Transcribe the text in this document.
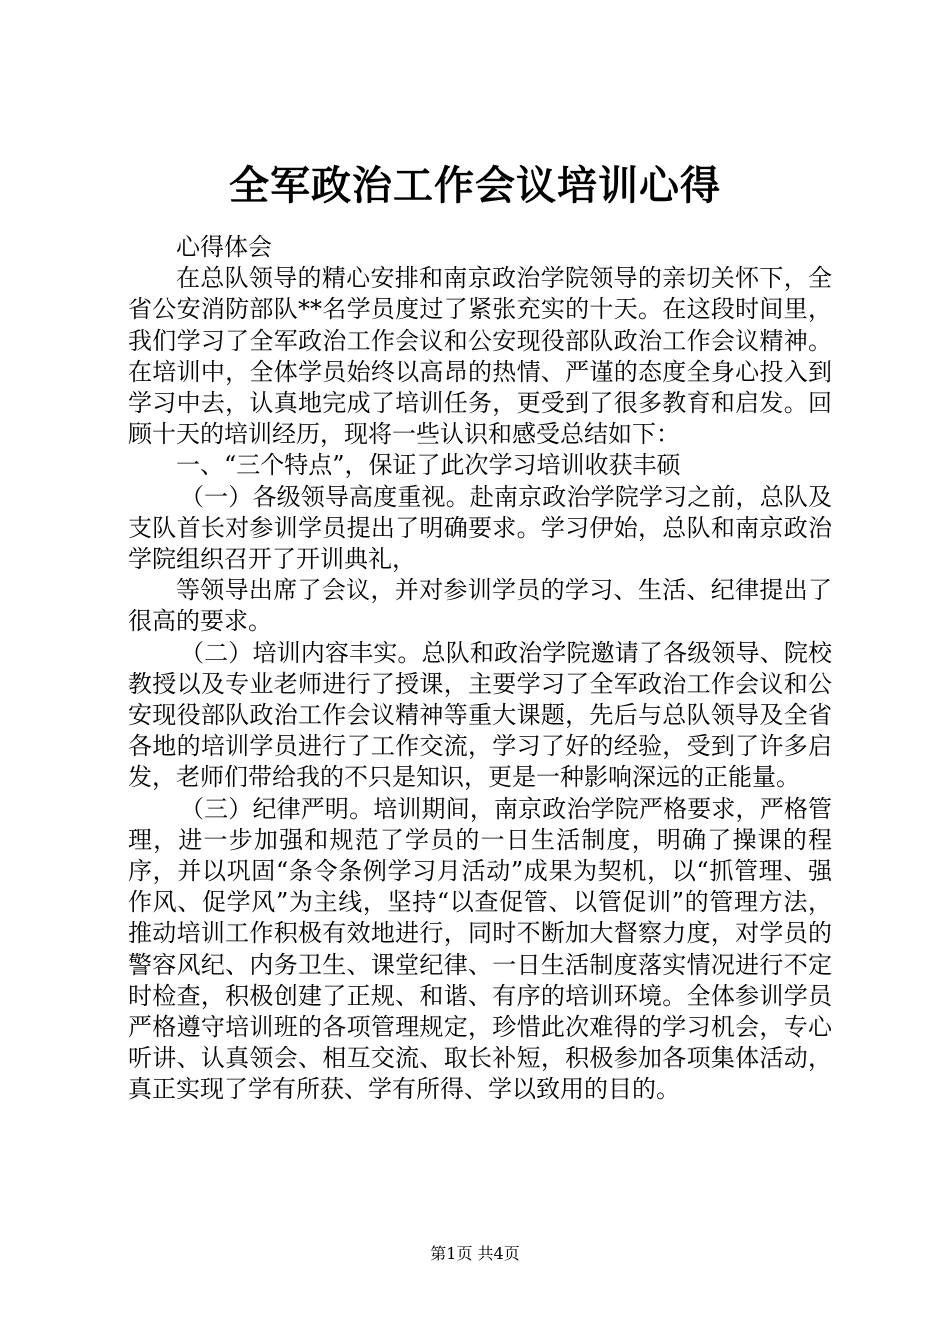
全军政治工作会议培训心得

心得体会

在总队领导的精心安排和南京政治学院领导的亲切关怀下，全省公安消防部队**名学员度过了紧张充实的十天。在这段时间里，我们学习了全军政治工作会议和公安现役部队政治工作会议精神。在培训中，全体学员始终以高昂的热情、严谨的态度全身心投入到学习中去，认真地完成了培训任务，更受到了很多教育和启发。回顾十天的培训经历，现将一些认识和感受总结如下：

一、“三个特点”，保证了此次学习培训收获丰硕

（一）各级领导高度重视。赴南京政治学院学习之前，总队及支队首长对参训学员提出了明确要求。学习伊始，总队和南京政治学院组织召开了开训典礼，

等领导出席了会议，并对参训学员的学习、生活、纪律提出了很高的要求。

（二）培训内容丰实。总队和政治学院邀请了各级领导、院校教授以及专业老师进行了授课，主要学习了全军政治工作会议和公安现役部队政治工作会议精神等重大课题，先后与总队领导及全省各地的培训学员进行了工作交流，学习了好的经验，受到了许多启发，老师们带给我的不只是知识，更是一种影响深远的正能量。

（三）纪律严明。培训期间，南京政治学院严格要求，严格管理，进一步加强和规范了学员的一日生活制度，明确了操课的程序，并以巩固“条令条例学习月活动”成果为契机，以“抓管理、强作风、促学风”为主线，坚持“以查促管、以管促训”的管理方法，推动培训工作积极有效地进行，同时不断加大督察力度，对学员的警容风纪、内务卫生、课堂纪律、一日生活制度落实情况进行不定时检查，积极创建了正规、和谐、有序的培训环境。全体参训学员严格遵守培训班的各项管理规定，珍惜此次难得的学习机会，专心听讲、认真领会、相互交流、取长补短，积极参加各项集体活动，真正实现了学有所获、学有所得、学以致用的目的。

第1页 共4页
